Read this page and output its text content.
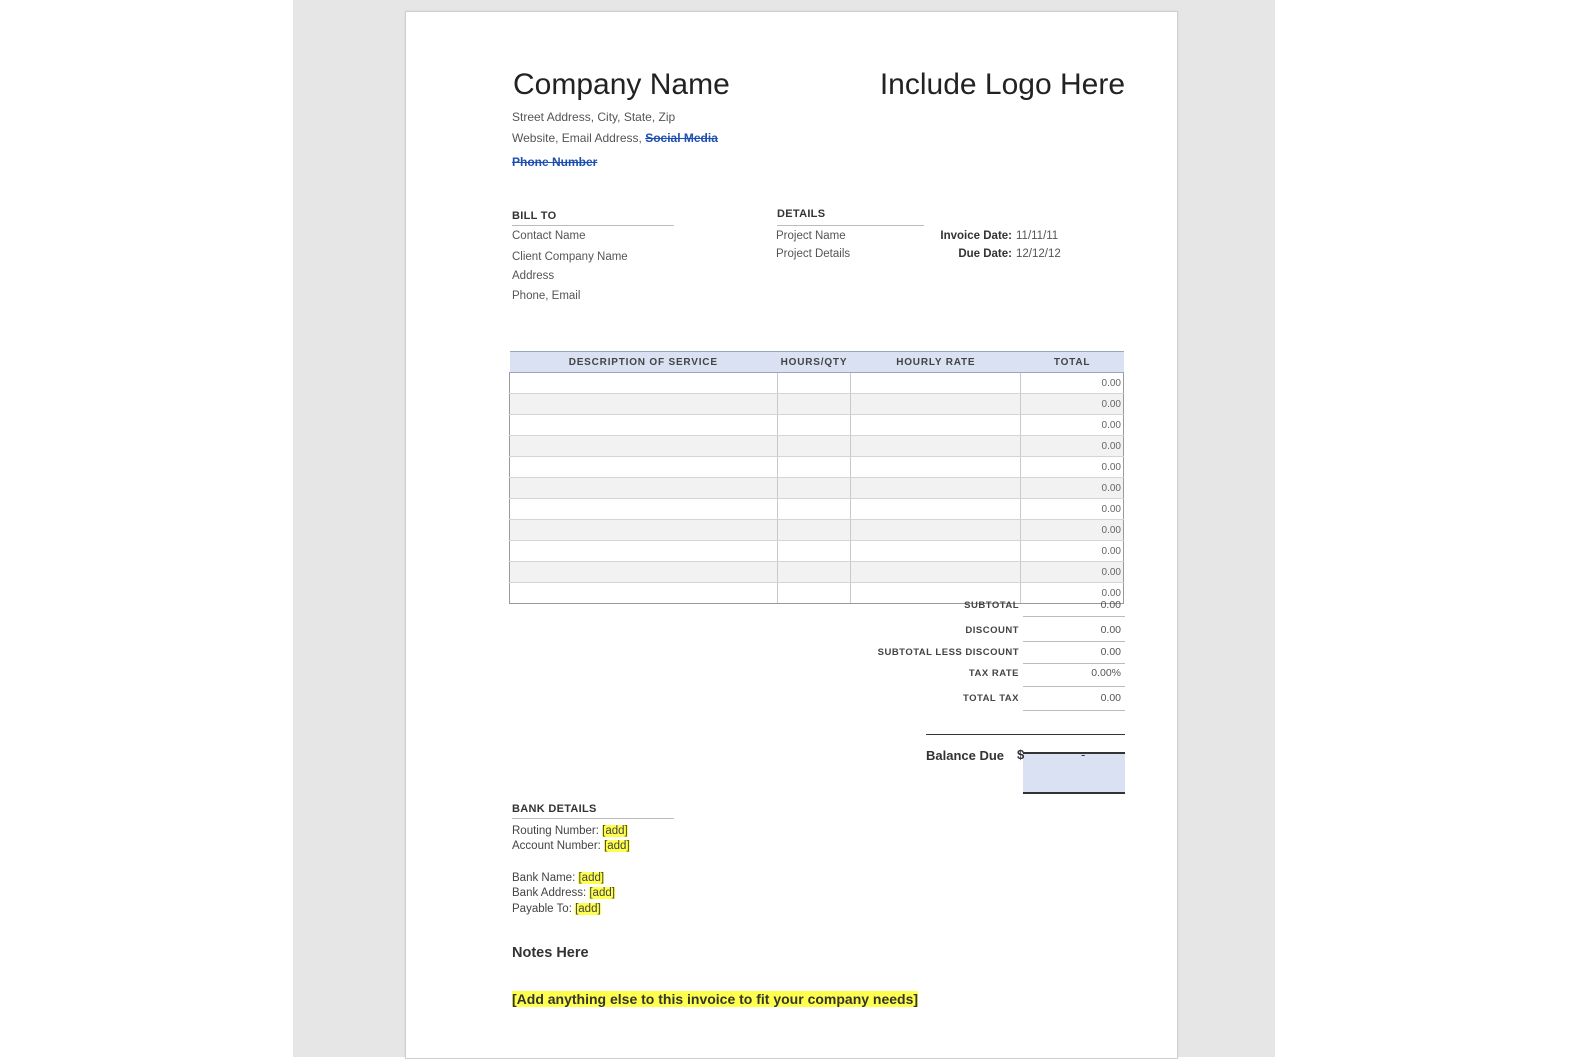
Company Name	Include Logo Here
Street Address, City, State, Zip
Website, Email Address, Social Media
Phone Number
BILL TO
Contact Name
Client Company Name
Address
Phone, Email
DETAILS
Project Name
Project Details
Invoice Date: 11/11/11
Due Date: 12/12/12
DESCRIPTION OF SERVICE	HOURS/QTY	HOURLY RATE	TOTAL
			0.00
			0.00
			0.00
			0.00
			0.00
			0.00
			0.00
			0.00
			0.00
			0.00
			0.00
SUBTOTAL	0.00
DISCOUNT	0.00
SUBTOTAL LESS DISCOUNT	0.00
TAX RATE	0.00%
TOTAL TAX	0.00
Balance Due $	-
BANK DETAILS
Routing Number: [add]
Account Number: [add]
Bank Name: [add]
Bank Address: [add]
Payable To: [add]
Notes Here
[Add anything else to this invoice to fit your company needs]
